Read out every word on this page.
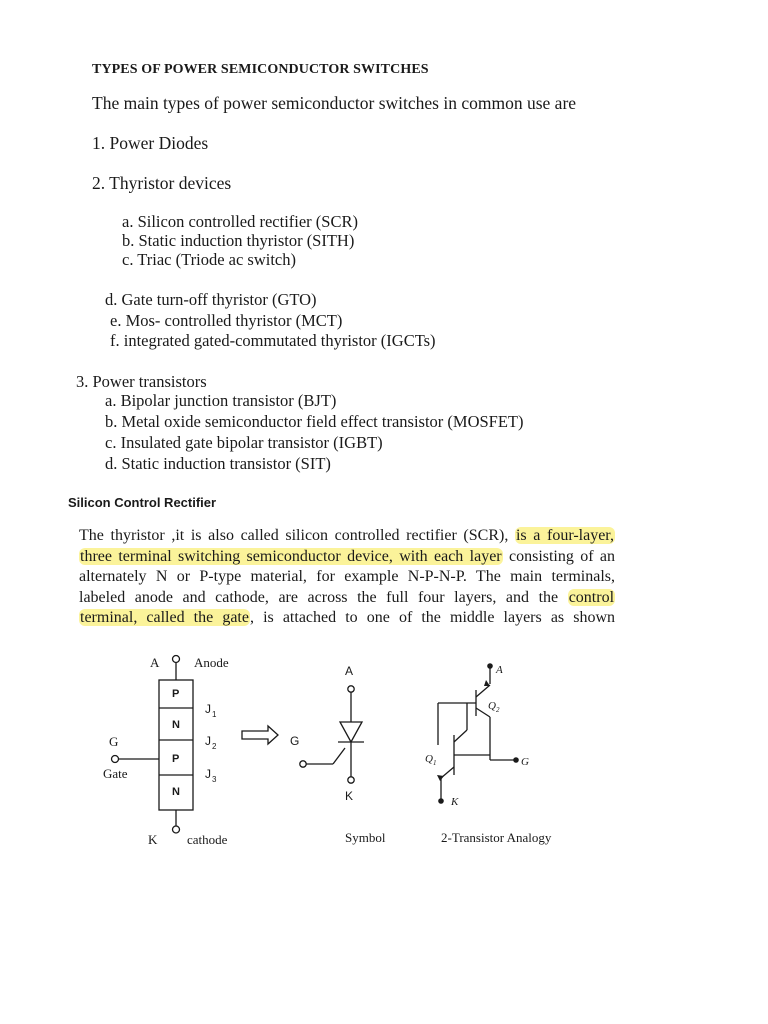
TYPES OF POWER SEMICONDUCTOR SWITCHES
The main types of power semiconductor switches in common use are
1. Power Diodes
2. Thyristor devices
a. Silicon controlled rectifier (SCR)
b. Static induction thyristor (SITH)
c. Triac (Triode ac switch)
d. Gate turn-off thyristor (GTO)
e. Mos- controlled thyristor (MCT)
f. integrated gated-commutated thyristor (IGCTs)
3. Power transistors
a. Bipolar junction transistor (BJT)
b. Metal oxide semiconductor field effect transistor (MOSFET)
c. Insulated gate bipolar transistor (IGBT)
d. Static induction transistor (SIT)
Silicon Control Rectifier
The thyristor ,it is also called silicon controlled rectifier (SCR), is a four-layer,
three terminal switching semiconductor device, with each layer consisting of an
alternately N or P-type material, for example N-P-N-P. The main terminals,
labeled anode and cathode, are across the full four layers, and the control
terminal, called the gate, is attached to one of the middle layers as shown
A	Anode
P
N
P
N
J 1
J 2
J 3
G
Gate
K cathode
A
G
K
Symbol
A
Q 2
Q 1	G
K
2-Transistor Analogy
